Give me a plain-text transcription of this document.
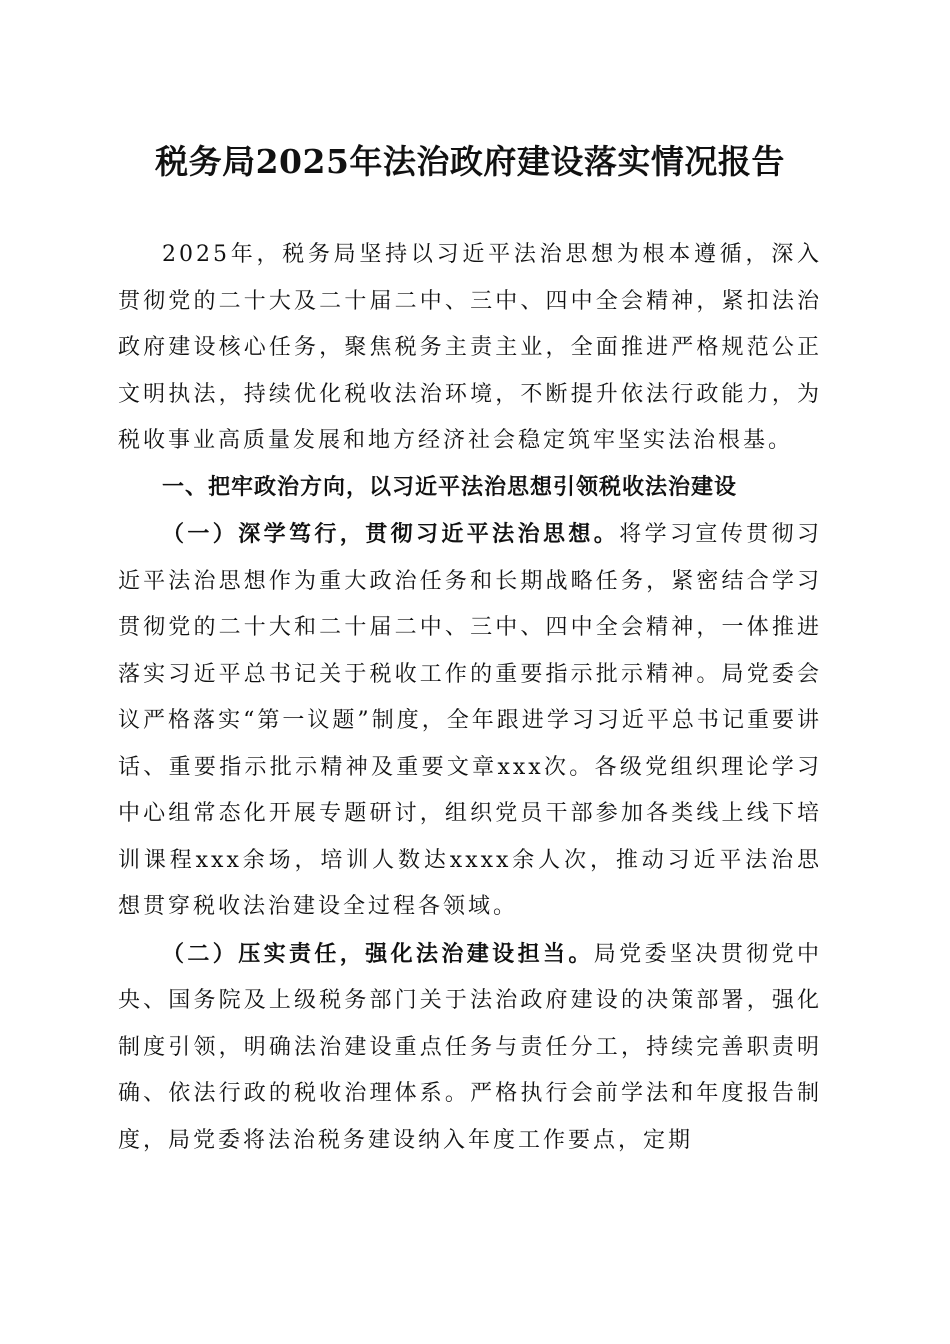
税务局2025年法治政府建设落实情况报告

2025年，税务局坚持以习近平法治思想为根本遵循，深入贯彻党的二十大及二十届二中、三中、四中全会精神，紧扣法治政府建设核心任务，聚焦税务主责主业，全面推进严格规范公正文明执法，持续优化税收法治环境，不断提升依法行政能力，为税收事业高质量发展和地方经济社会稳定筑牢坚实法治根基。

一、把牢政治方向，以习近平法治思想引领税收法治建设

（一）深学笃行，贯彻习近平法治思想。将学习宣传贯彻习近平法治思想作为重大政治任务和长期战略任务，紧密结合学习贯彻党的二十大和二十届二中、三中、四中全会精神，一体推进落实习近平总书记关于税收工作的重要指示批示精神。局党委会议严格落实“第一议题”制度，全年跟进学习习近平总书记重要讲话、重要指示批示精神及重要文章xxx次。各级党组织理论学习中心组常态化开展专题研讨，组织党员干部参加各类线上线下培训课程xxx余场，培训人数达xxxx余人次，推动习近平法治思想贯穿税收法治建设全过程各领域。

（二）压实责任，强化法治建设担当。局党委坚决贯彻党中央、国务院及上级税务部门关于法治政府建设的决策部署，强化制度引领，明确法治建设重点任务与责任分工，持续完善职责明确、依法行政的税收治理体系。严格执行会前学法和年度报告制度，局党委将法治税务建设纳入年度工作要点，定期
